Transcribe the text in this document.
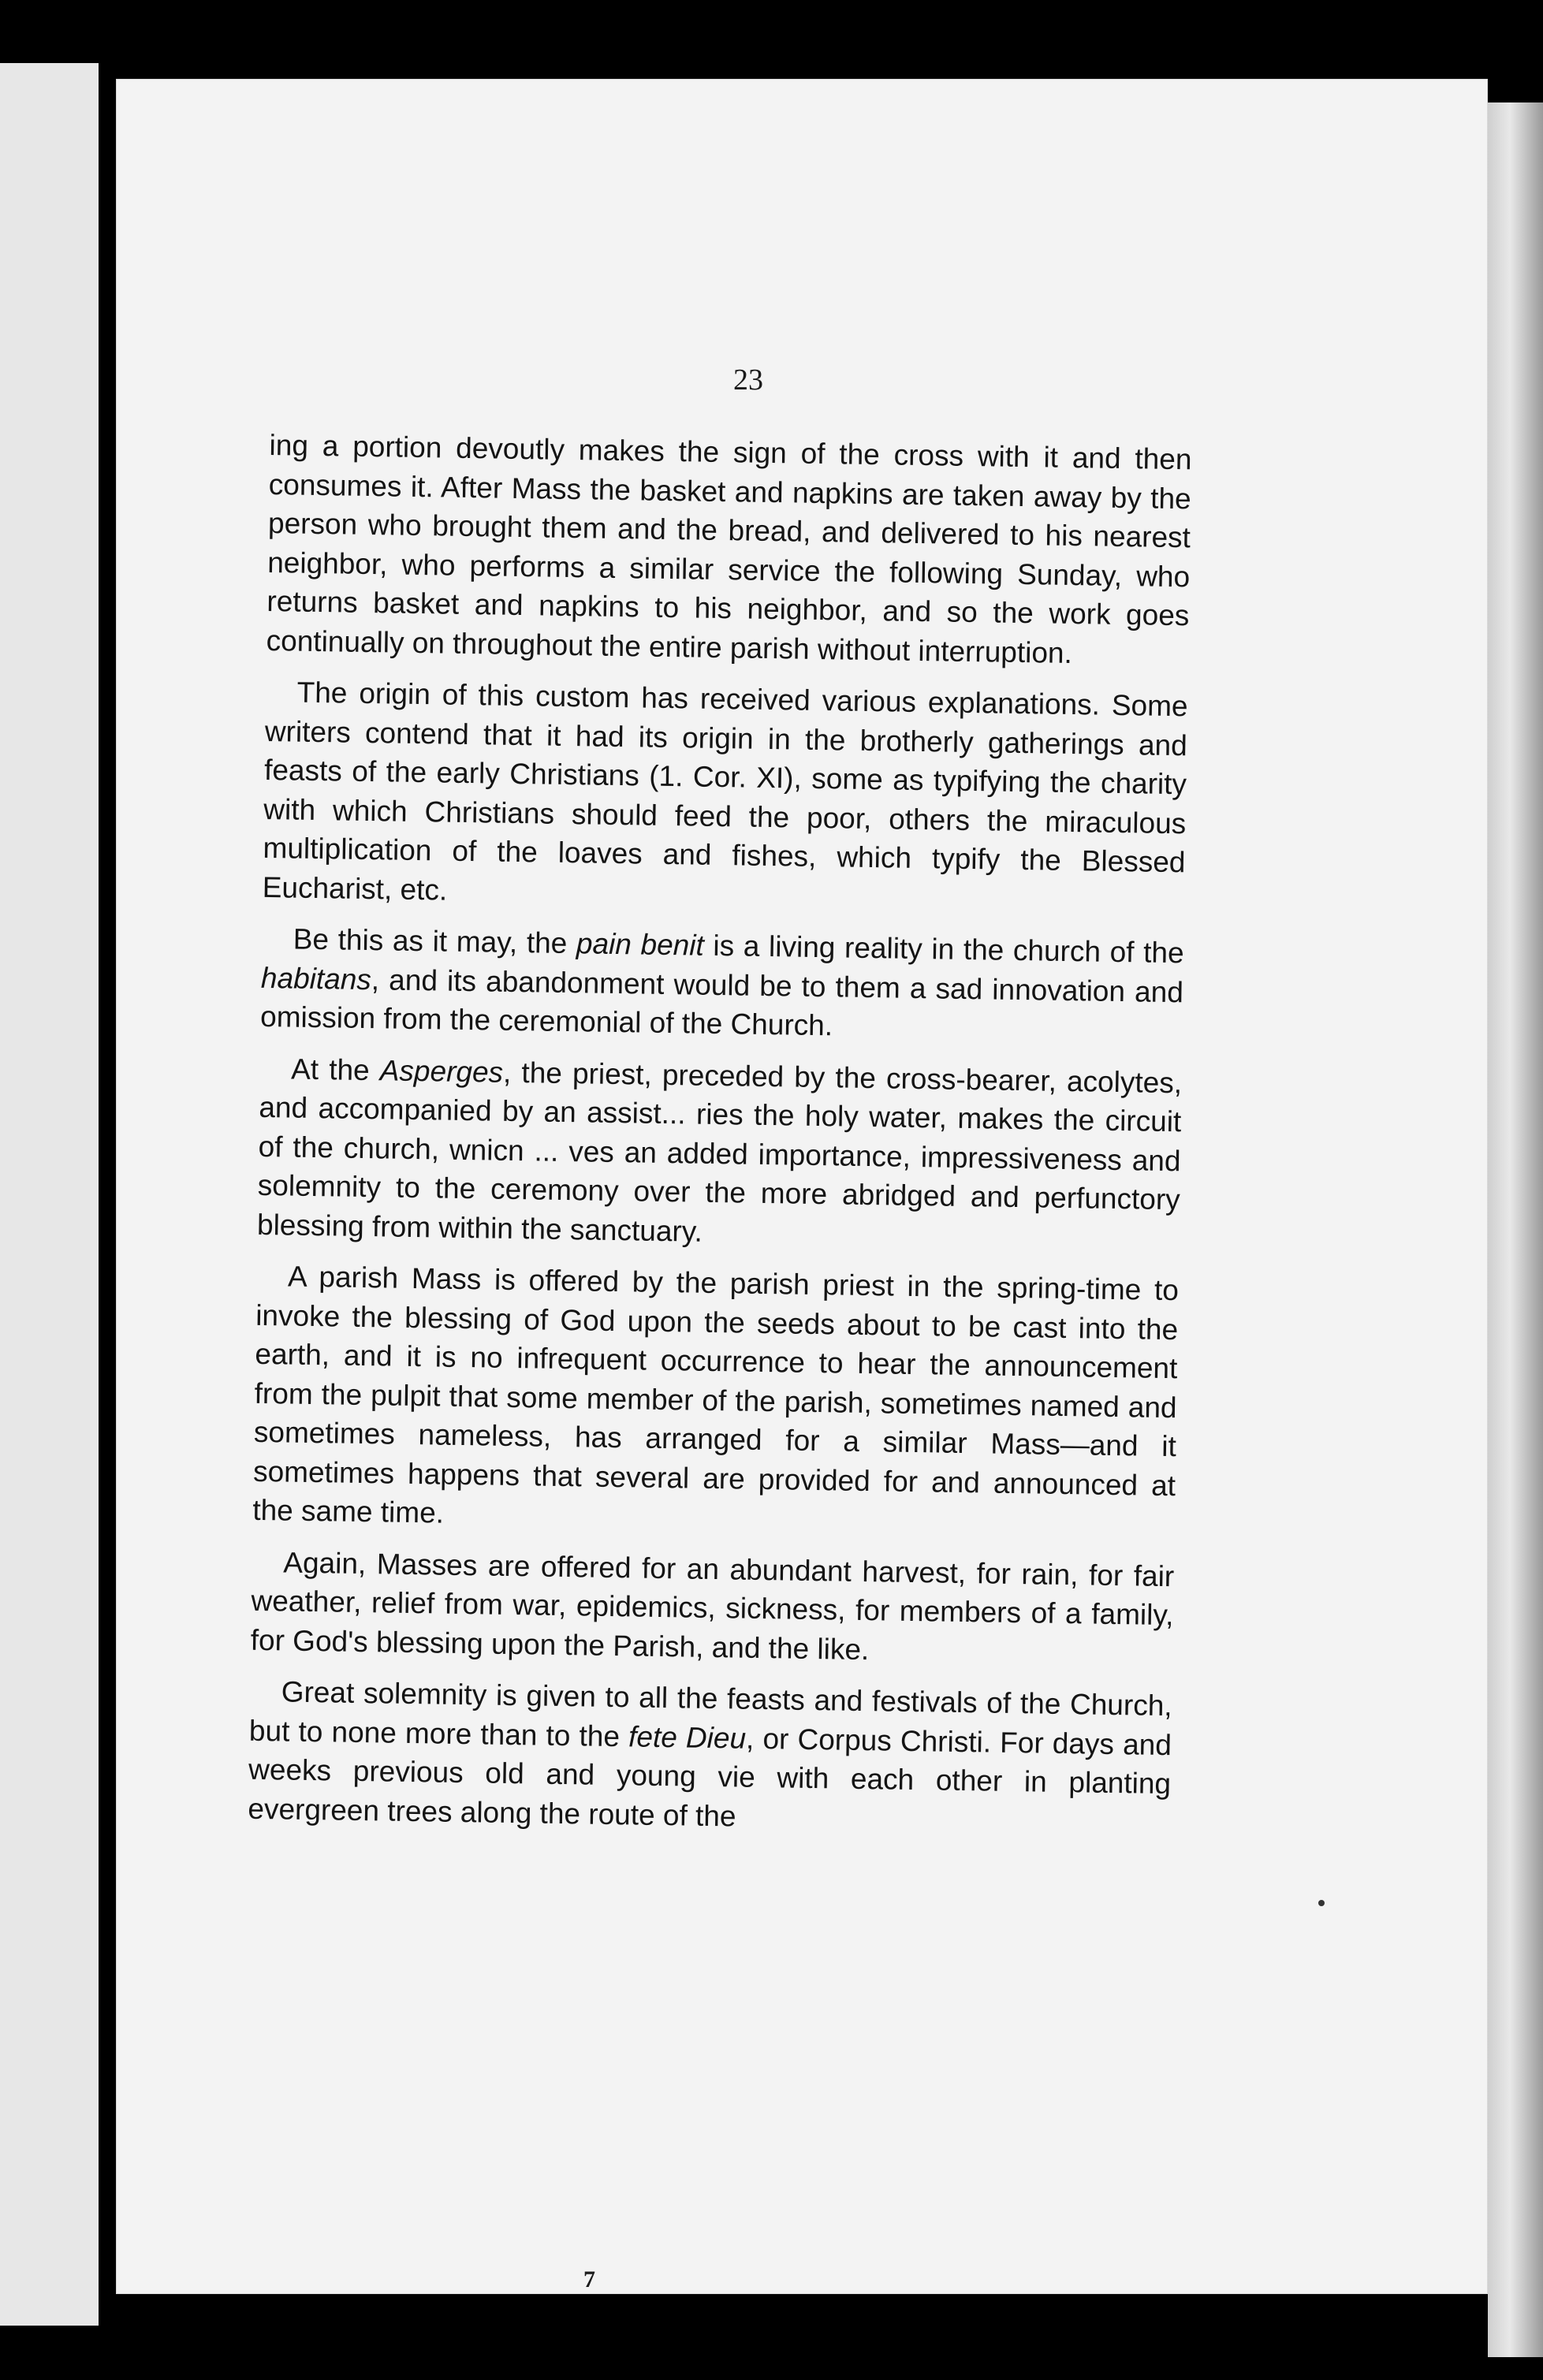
23

ing a portion devoutly makes the sign of the cross with it and then consumes it. After Mass the basket and napkins are taken away by the person who brought them and the bread, and delivered to his nearest neighbor, who performs a similar service the following Sunday, who returns basket and napkins to his neighbor, and so the work goes continually on throughout the entire parish without interruption.

The origin of this custom has received various explanations. Some writers contend that it had its origin in the brotherly gatherings and feasts of the early Christians (1. Cor. XI), some as typifying the charity with which Christians should feed the poor, others the miraculous multiplication of the loaves and fishes, which typify the Blessed Eucharist, etc.

Be this as it may, the pain benit is a living reality in the church of the habitans, and its abandonment would be to them a sad innovation and omission from the ceremonial of the Church.

At the Asperges, the priest, preceded by the cross-bearer, acolytes, and accompanied by an assist... ries the holy water, makes the circuit of the church, wnicn ... ves an added importance, impressiveness and solemnity to the ceremony over the more abridged and perfunctory blessing from within the sanctuary.

A parish Mass is offered by the parish priest in the spring-time to invoke the blessing of God upon the seeds about to be cast into the earth, and it is no infrequent occurrence to hear the announcement from the pulpit that some member of the parish, sometimes named and sometimes nameless, has arranged for a similar Mass—and it sometimes happens that several are provided for and announced at the same time.

Again, Masses are offered for an abundant harvest, for rain, for fair weather, relief from war, epidemics, sickness, for members of a family, for God's blessing upon the Parish, and the like.

Great solemnity is given to all the feasts and festivals of the Church, but to none more than to the fete Dieu, or Corpus Christi. For days and weeks previous old and young vie with each other in planting evergreen trees along the route of the

7
